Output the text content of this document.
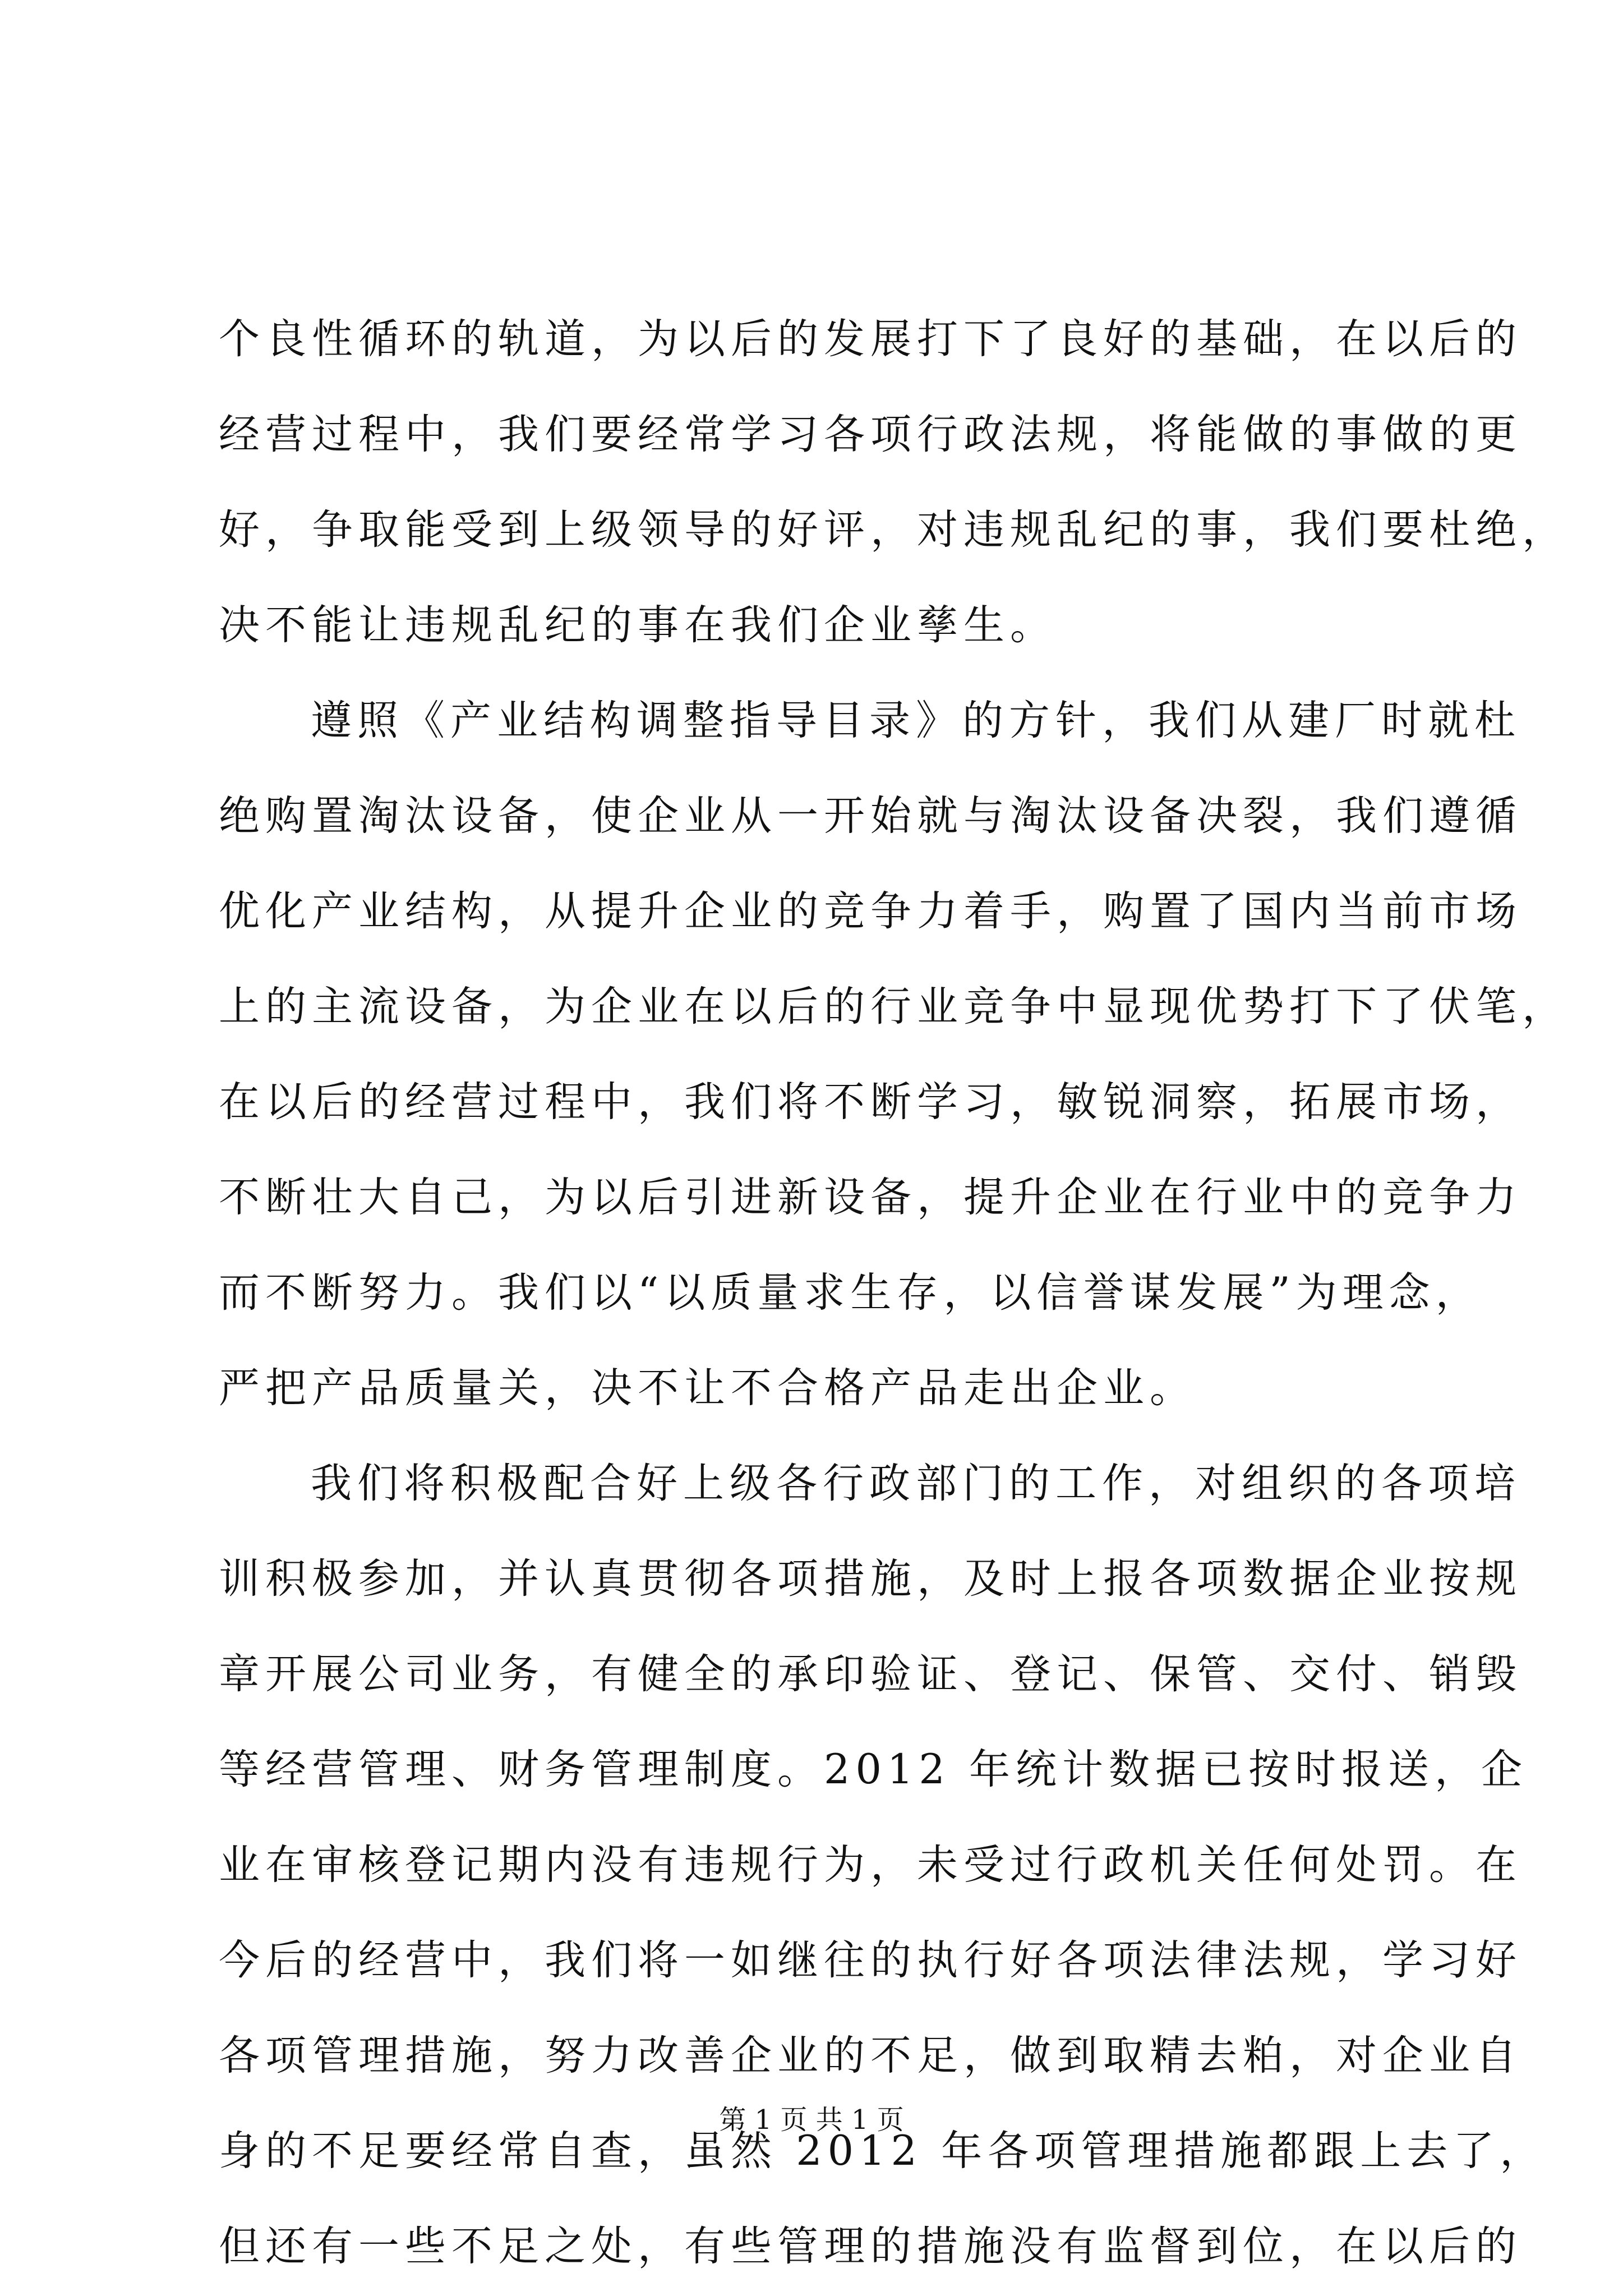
个良性循环的轨道，为以后的发展打下了良好的基础，在以后的
经营过程中，我们要经常学习各项行政法规，将能做的事做的更
好，争取能受到上级领导的好评，对违规乱纪的事，我们要杜绝，
决不能让违规乱纪的事在我们企业孳生。
遵照《产业结构调整指导目录》的方针，我们从建厂时就杜
绝购置淘汰设备，使企业从一开始就与淘汰设备决裂，我们遵循
优化产业结构，从提升企业的竞争力着手，购置了国内当前市场
上的主流设备，为企业在以后的行业竞争中显现优势打下了伏笔，
在以后的经营过程中，我们将不断学习，敏锐洞察，拓展市场，
不断壮大自己，为以后引进新设备，提升企业在行业中的竞争力
而不断努力。我们以“以质量求生存，以信誉谋发展”为理念，
严把产品质量关，决不让不合格产品走出企业。
我们将积极配合好上级各行政部门的工作，对组织的各项培
训积极参加，并认真贯彻各项措施，及时上报各项数据企业按规
章开展公司业务，有健全的承印验证、登记、保管、交付、销毁
等经营管理、财务管理制度。2012 年统计数据已按时报送，企
业在审核登记期内没有违规行为，未受过行政机关任何处罚。在
今后的经营中，我们将一如继往的执行好各项法律法规，学习好
各项管理措施，努力改善企业的不足，做到取精去粕，对企业自
身的不足要经常自查，虽然 2012 年各项管理措施都跟上去了，
但还有一些不足之处，有些管理的措施没有监督到位，在以后的
第 1 页 共 1 页
